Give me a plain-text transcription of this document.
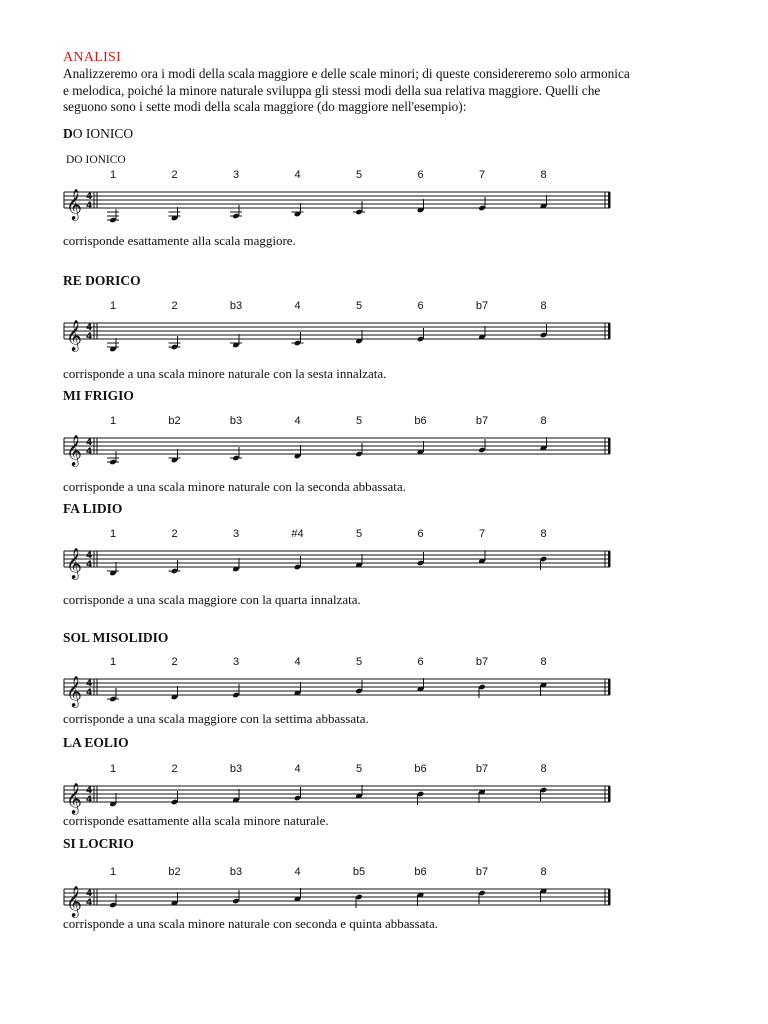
ANALISI
Analizzeremo ora i modi della scala maggiore e delle scale minori; di queste considereremo solo armonica
e melodica, poiché la minore naturale sviluppa gli stessi modi della sua relativa maggiore. Quelli che
seguono sono i sette modi della scala maggiore (do maggiore nell'esempio):
DO IONICO
DO IONICO
𝄞 4
4
1	2	3	4	5	6	7	8
corrisponde esattamente alla scala maggiore.
RE DORICO
𝄞 4
4
1	2	b3	4	5	6	b7	8
corrisponde a una scala minore naturale con la sesta innalzata.
MI FRIGIO
𝄞 4
4
1	b2	b3	4	5	b6	b7	8
corrisponde a una scala minore naturale con la seconda abbassata.
FA LIDIO
𝄞 4
4
1	2	3	#4	5	6	7	8
corrisponde a una scala maggiore con la quarta innalzata.
SOL MISOLIDIO
𝄞 4
4
1	2	3	4	5	6	b7	8
corrisponde a una scala maggiore con la settima abbassata.
LA EOLIO
𝄞 4
4
1	2	b3	4	5	b6	b7	8
corrisponde esattamente alla scala minore naturale.
SI LOCRIO
𝄞 4
4
1	b2	b3	4	b5	b6	b7	8
corrisponde a una scala minore naturale con seconda e quinta abbassata.
